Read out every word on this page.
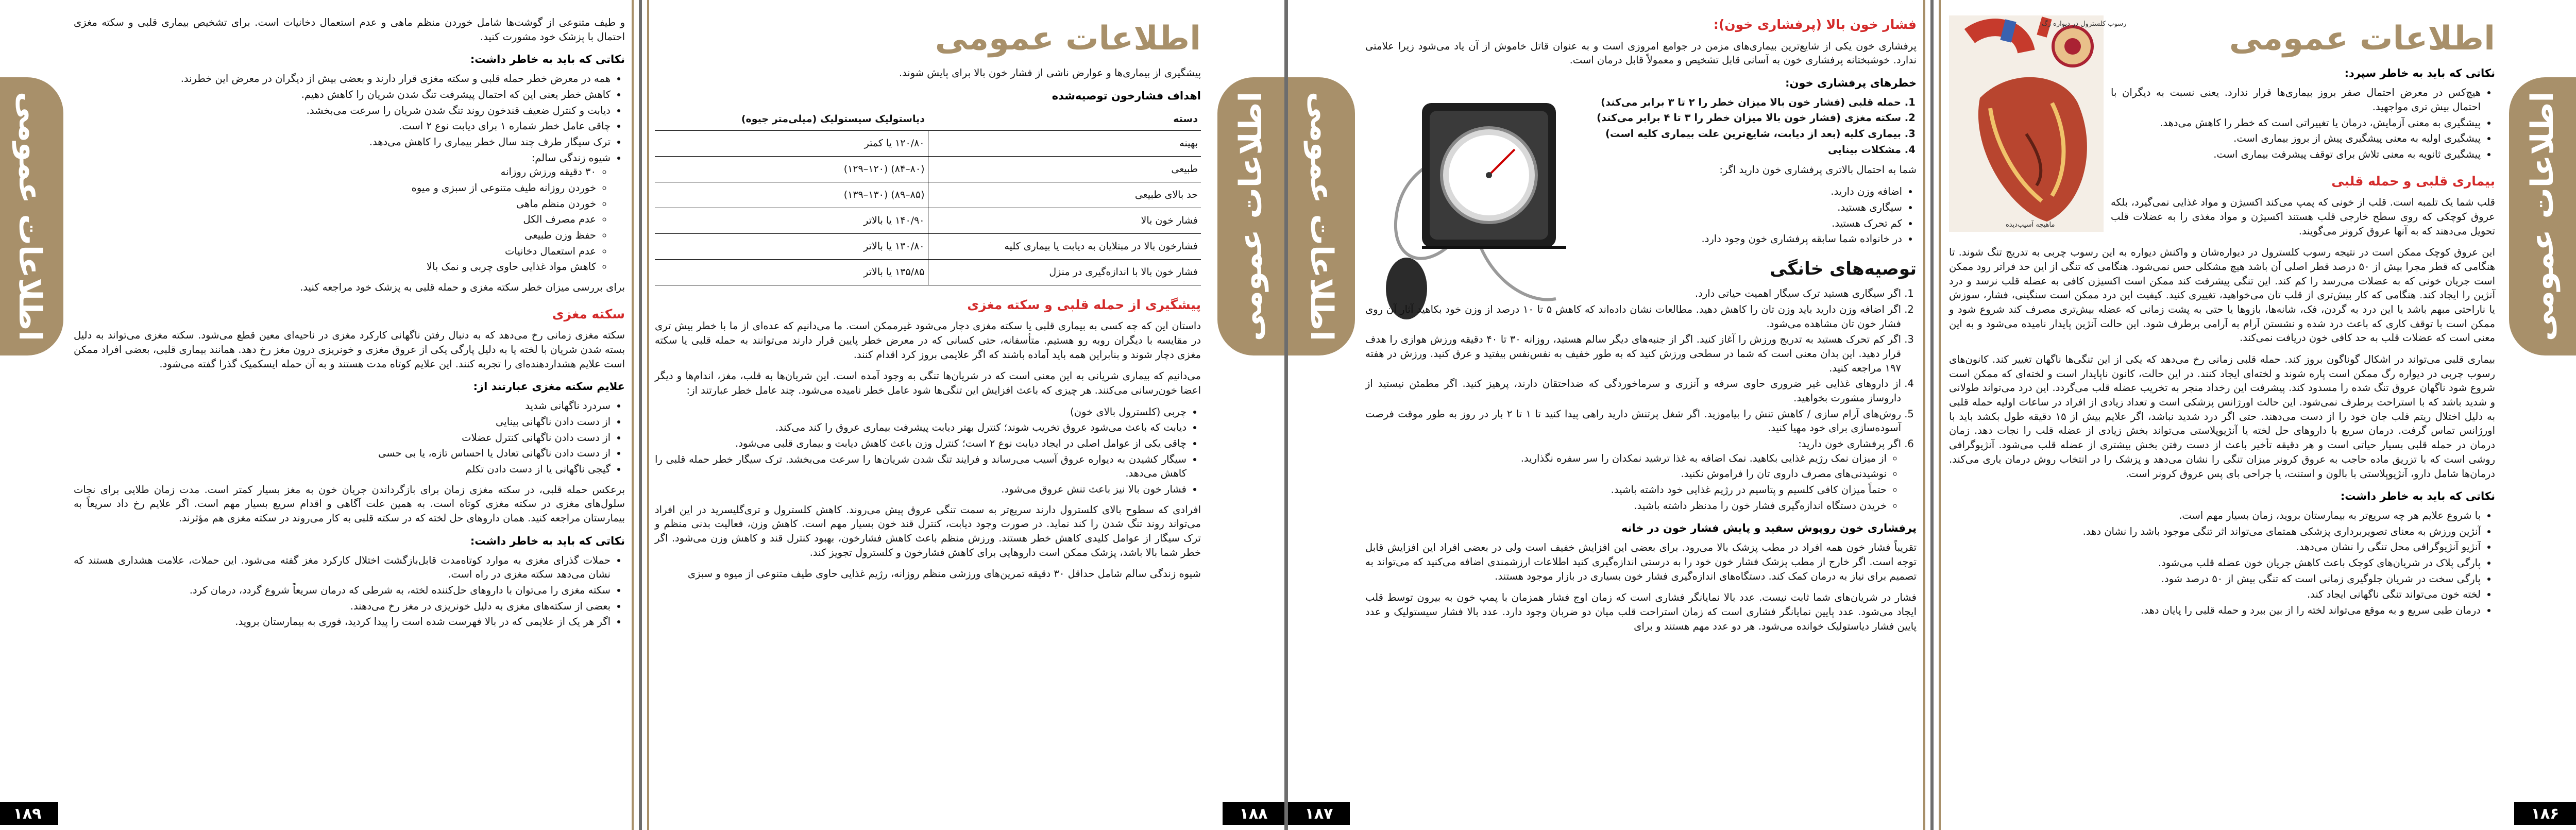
اطلاعات عمومی
۱۸۹

و طیف متنوعی از گوشت‌ها شامل خوردن منظم ماهی و عدم استعمال دخانیات است. برای تشخیص بیماری قلبی و سکته مغزی احتمال با پزشک خود مشورت کنید.

نکاتی که باید به خاطر داشت:
• همه در معرض خطر حمله قلبی و سکته مغزی قرار دارند و بعضی بیش از دیگران در معرض این خطرند.
• کاهش خطر یعنی این که احتمال پیشرفت تنگ شدن شریان را کاهش دهیم.
• دیابت و کنترل ضعیف قندخون روند تنگ شدن شریان را سرعت می‌بخشد.
• چاقی عامل خطر شماره ۱ برای دیابت نوع ۲ است.
• ترک سیگار طرف چند سال خطر بیماری را کاهش می‌دهد.
• شیوه زندگی سالم:
◦ ۳۰ دقیقه ورزش روزانه
◦ خوردن روزانه طیف متنوعی از سبزی و میوه
◦ خوردن منظم ماهی
◦ عدم مصرف الکل
◦ حفظ وزن طبیعی
◦ عدم استعمال دخانیات
◦ کاهش مواد غذایی حاوی چربی و نمک بالا

برای بررسی میزان خطر سکته مغزی و حمله قلبی به پزشک خود مراجعه کنید.

سکته مغزی

سکته مغزی زمانی رخ می‌دهد که به دنبال رفتن ناگهانی کارکرد مغزی در ناحیه‌ای معین قطع می‌شود. سکته مغزی می‌تواند به دلیل بسته شدن شریان با لخته یا به دلیل پارگی یکی از عروق مغزی و خونریزی درون مغز رخ دهد. همانند بیماری قلبی، بعضی افراد ممکن است علایم هشداردهنده‌ای را تجربه کنند. این علایم کوتاه مدت هستند و به آن حمله ایسکمیک گذرا گفته می‌شود.

علایم سکته مغزی عبارتند از:
• سردرد ناگهانی شدید
• از دست دادن ناگهانی بینایی
• از دست دادن ناگهانی کنترل عضلات
• از دست دادن ناگهانی تعادل یا احساس تازه، یا بی حسی
• گیجی ناگهانی یا از دست دادن تکلم

برعکس حمله قلبی، در سکته مغزی زمان برای بازگرداندن جریان خون به مغز بسیار کمتر است. مدت زمان طلایی برای نجات سلول‌های مغزی در سکته مغزی کوتاه است. به همین علت آگاهی و اقدام سریع بسیار مهم است. اگر علایم رخ داد سریعاً به بیمارستان مراجعه کنید. همان داروهای حل لخته که در سکته قلبی به کار می‌روند در سکته مغزی هم مؤثرند.

نکاتی که باید به خاطر داشت:
• حملات گذرای مغزی به موارد کوتاه‌مدت قابل‌بازگشت اختلال کارکرد مغز گفته می‌شود. این حملات، علامت هشداری هستند که نشان می‌دهد سکته مغزی در راه است.
• سکته مغزی را می‌توان با داروهای حل‌کننده لخته، به شرطی که درمان سریعاً شروع گردد، درمان کرد.
• بعضی از سکته‌های مغزی به دلیل خونریزی در مغز رخ می‌دهند.
• اگر هر یک از علایمی که در بالا فهرست شده است را پیدا کردید، فوری به بیمارستان بروید.
اطلاعات عمومی
۱۸۸
اطلاعات عمومی

پیشگیری از بیماری‌ها و عوارض ناشی از فشار خون بالا برای پایش شوند.

اهداف فشارخون توصیه‌شده
دسته	دیاستولیک سیستولیک (میلی‌متر جیوه)
بهینه	۱۲۰/۸۰ یا کمتر
طبیعی	(۸۰–۸۴) (۱۲۰–۱۲۹)
حد بالای طبیعی	(۸۵–۸۹) (۱۳۰–۱۳۹)
فشار خون بالا	۱۴۰/۹۰ یا بالاتر
فشارخون بالا در مبتلایان به دیابت یا بیماری کلیه	۱۳۰/۸۰ یا بالاتر
فشار خون بالا با اندازه‌گیری در منزل	۱۳۵/۸۵ یا بالاتر
پیشگیری از حمله قلبی و سکته مغزی

داستان این که چه کسی به بیماری قلبی یا سکته مغزی دچار می‌شود غیرممکن است. ما می‌دانیم که عده‌ای از ما با خطر بیش تری در مقایسه با دیگران روبه رو هستیم. متأسفانه، حتی کسانی که در معرض خطر پایین قرار دارند می‌توانند به حمله قلبی یا سکته مغزی دچار شوند و بنابراین همه باید آماده باشند که اگر علایمی بروز کرد اقدام کنند.

می‌دانیم که بیماری شریانی به این معنی است که در شریان‌ها تنگی به وجود آمده است. این شریان‌ها به قلب، مغز، اندام‌ها و دیگر اعضا خون‌رسانی می‌کنند. هر چیزی که باعث افزایش این تنگی‌ها شود عامل خطر نامیده می‌شود. چند عامل خطر عبارتند از:

• چربی (کلسترول بالای خون)
• دیابت که باعث می‌شود عروق تخریب شوند؛ کنترل بهتر دیابت پیشرفت بیماری عروق را کند می‌کند.
• چاقی یکی از عوامل اصلی در ایجاد دیابت نوع ۲ است؛ کنترل وزن باعث کاهش دیابت و بیماری قلبی می‌شود.
• سیگار کشیدن به دیواره عروق آسیب می‌رساند و فرایند تنگ شدن شریان‌ها را سرعت می‌بخشد. ترک سیگار خطر حمله قلبی را کاهش می‌دهد.
• فشار خون بالا نیز باعث تنش عروق می‌شود.

افرادی که سطوح بالای کلسترول دارند سریع‌تر به سمت تنگی عروق پیش می‌روند. کاهش کلسترول و تری‌گلیسرید در این افراد می‌تواند روند تنگ شدن را کند نماید. در صورت وجود دیابت، کنترل قند خون بسیار مهم است. کاهش وزن، فعالیت بدنی منظم و ترک سیگار از عوامل کلیدی کاهش خطر هستند. ورزش منظم باعث کاهش فشارخون، بهبود کنترل قند و کاهش وزن می‌شود. اگر خطر شما بالا باشد، پزشک ممکن است داروهایی برای کاهش فشارخون و کلسترول تجویز کند.

شیوه زندگی سالم شامل حداقل ۳۰ دقیقه تمرین‌های ورزشی منظم روزانه، رژیم غذایی حاوی طیف متنوعی از میوه و سبزی

اطلاعات عمومی
۱۸۷
فشار خون بالا (پرفشاری خون):

پرفشاری خون یکی از شایع‌ترین بیماری‌های مزمن در جوامع امروزی است و به عنوان قاتل خاموش از آن یاد می‌شود زیرا علامتی ندارد. خوشبختانه پرفشاری خون به آسانی قابل تشخیص و معمولاً قابل درمان است.

خطرهای پرفشاری خون:
1. حمله قلبی (فشار خون بالا میزان خطر را ۲ تا ۳ برابر می‌کند)
2. سکته مغزی (فشار خون بالا میزان خطر را ۳ تا ۴ برابر می‌کند)
3. بیماری کلیه (بعد از دیابت، شایع‌ترین علت بیماری کلیه است)
4. مشکلات بینایی

شما به احتمال بالاتری پرفشاری خون دارید اگر:

• اضافه وزن دارید.
• سیگاری هستید.
• کم تحرک هستید.
• در خانواده شما سابقه پرفشاری خون وجود دارد.
توصیه‌های خانگی
1. اگر سیگاری هستید ترک سیگار اهمیت حیاتی دارد.
2. اگر اضافه وزن دارید باید وزن تان را کاهش دهید. مطالعات نشان داده‌اند که کاهش ۵ تا ۱۰ درصد از وزن خود بکاهید آثار آن روی فشار خون تان مشاهده می‌شود.
3. اگر کم تحرک هستید به تدریج ورزش را آغاز کنید. اگر از جنبه‌های دیگر سالم هستید، روزانه ۳۰ تا ۴۰ دقیقه ورزش هوازی را هدف قرار دهید. این بدان معنی است که شما در سطحی ورزش کنید که به طور خفیف به نفس‌نفس بیفتید و عرق کنید. ورزش در هفته ۱۹۷ مراجعه کنید.
4. از داروهای غذایی غیر ضروری حاوی سرفه و آنزری و سرماخوردگی که ضداحتقان دارند، پرهیز کنید. اگر مطمئن نیستید از داروساز مشورت بخواهید.
5. روش‌های آرام سازی / کاهش تنش را بیاموزید. اگر شغل پرتنش دارید راهی پیدا کنید تا ۱ تا ۲ بار در روز به طور موقت فرصت آسوده‌سازی برای خود مهیا کنید.
6. اگر پرفشاری خون دارید:
◦ از میزان نمک رژیم غذایی بکاهید. نمک اضافه به غذا ترشید نمکدان را سر سفره نگذارید.
◦ نوشیدنی‌های مصرف داروی تان را فراموش نکنید.
◦ حتماً میزان کافی کلسیم و پتاسیم در رژیم غذایی خود داشته باشید.
◦ خریدن دستگاه اندازه‌گیری فشار خون را مدنظر داشته باشید.
پرفشاری خون روپوش سفید و پایش فشار خون در خانه

تقریباً فشار خون همه افراد در مطب پزشک بالا می‌رود. برای بعضی این افزایش خفیف است ولی در بعضی افراد این افزایش قابل توجه است. اگر خارج از مطب پزشک فشار خون خود را به درستی اندازه‌گیری کنید اطلاعات ارزشمندی اضافه می‌کنید که می‌تواند به تصمیم برای نیاز به درمان کمک کند. دستگاه‌های اندازه‌گیری فشار خون بسیاری در بازار موجود هستند.

فشار در شریان‌های شما ثابت نیست. عدد بالا نمایانگر فشاری است که زمان اوج فشار همزمان با پمپ خون به بیرون توسط قلب ایجاد می‌شود. عدد پایین نمایانگر فشاری است که زمان استراحت قلب میان دو ضربان وجود دارد. عدد بالا فشار سیستولیک و عدد پایین فشار دیاستولیک خوانده می‌شود. هر دو عدد مهم هستند و برای

اطلاعات عمومی
۱۸۶
رسوب کلسترول در دیواره رگ
ماهیچه آسیب‌دیده
اطلاعات عمومی
نکاتی که باید به خاطر سپرد:
• هیچ‌کس در معرض احتمال صفر بروز بیماری‌ها قرار ندارد. یعنی نسبت به دیگران با احتمال بیش تری مواجهید.
• پیشگیری به معنی آزمایش، درمان یا تغییراتی است که خطر را کاهش می‌دهد.
• پیشگیری اولیه به معنی پیشگیری پیش از بروز بیماری است.
• پیشگیری ثانویه به معنی تلاش برای توقف پیشرفت بیماری است.
بیماری قلبی و حمله قلبی

قلب شما یک تلمبه است. قلب از خونی که پمپ می‌کند اکسیژن و مواد غذایی نمی‌گیرد، بلکه عروق کوچکی که روی سطح خارجی قلب هستند اکسیژن و مواد مغذی را به عضلات قلب تحویل می‌دهند که به آنها عروق کرونر می‌گویند.

این عروق کوچک ممکن است در نتیجه رسوب کلسترول در دیواره‌شان و واکنش دیواره به این رسوب چربی به تدریج تنگ شوند. تا هنگامی که قطر مجرا بیش از ۵۰ درصد قطر اصلی آن باشد هیچ مشکلی حس نمی‌شود. هنگامی که تنگی از این حد فراتر رود ممکن است جریان خونی که به عضلات می‌رسد را کم کند. این تنگی پیشرفت کند ممکن است اکسیژن کافی به عضله قلب نرسد و درد آنژین را ایجاد کند. هنگامی که کار بیش‌تری از قلب تان می‌خواهید، تغییری کنید. کیفیت این درد ممکن است سنگینی، فشار، سوزش یا ناراحتی مبهم باشد یا این درد به گردن، فک، شانه‌ها، بازوها یا حتی به پشت زمانی که عضله بیش‌تری مصرف کند شروع شود و ممکن است با توقف کاری که باعث درد شده و نشستن آرام به آرامی برطرف شود. این حالت آنژین پایدار نامیده می‌شود و به این معنی است که عضلات قلب به حد کافی خون دریافت نمی‌کند.

بیماری قلبی می‌تواند در اشکال گوناگون بروز کند. حمله قلبی زمانی رخ می‌دهد که یکی از این تنگی‌ها ناگهان تغییر کند. کانون‌های رسوب چربی در دیواره رگ ممکن است پاره شوند و لخته‌ای ایجاد کنند. در این حالت، کانون ناپایدار است و لخته‌ای که ممکن است شروع شود ناگهان عروق تنگ شده را مسدود کند. پیشرفت این رخداد منجر به تخریب عضله قلب می‌گردد. این درد می‌تواند طولانی و شدید باشد که با استراحت برطرف نمی‌شود. این حالت اورژانس پزشکی است و تعداد زیادی از افراد در ساعات اولیه حمله قلبی به دلیل اختلال ریتم قلب جان خود را از دست می‌دهند. حتی اگر درد شدید نباشد، اگر علایم بیش از ۱۵ دقیقه طول بکشد باید با اورژانس تماس گرفت. درمان سریع با داروهای حل لخته یا آنژیوپلاستی می‌تواند بخش زیادی از عضله قلب را نجات دهد. زمان درمان در حمله قلبی بسیار حیاتی است و هر دقیقه تأخیر باعث از دست رفتن بخش بیشتری از عضله قلب می‌شود. آنژیوگرافی روشی است که با تزریق ماده حاجب به عروق کرونر میزان تنگی را نشان می‌دهد و پزشک را در انتخاب روش درمان یاری می‌کند. درمان‌ها شامل دارو، آنژیوپلاستی با بالون و استنت، یا جراحی بای پس عروق کرونر است.

نکاتی که باید به خاطر داشت:
• با شروع علایم هر چه سریع‌تر به بیمارستان بروید، زمان بسیار مهم است.
• آنژین ورزش به معنای تصویربرداری پزشکی همتمای می‌تواند اثر تنگی موجود باشد را نشان دهد.
• آنژیو آنژیوگرافی محل تنگی را نشان می‌دهد.
• پارگی پلاک در شریان‌های کوچک باعث کاهش جریان خون عضله قلب می‌شود.
• پارگی سخت در شریان جلوگیری زمانی است که تنگی بیش از ۵۰ درصد شود.
• لخته خون می‌تواند تنگی ناگهانی ایجاد کند.
• درمان طبی سریع و به موقع می‌تواند لخته را از بین ببرد و حمله قلبی را پایان دهد.
